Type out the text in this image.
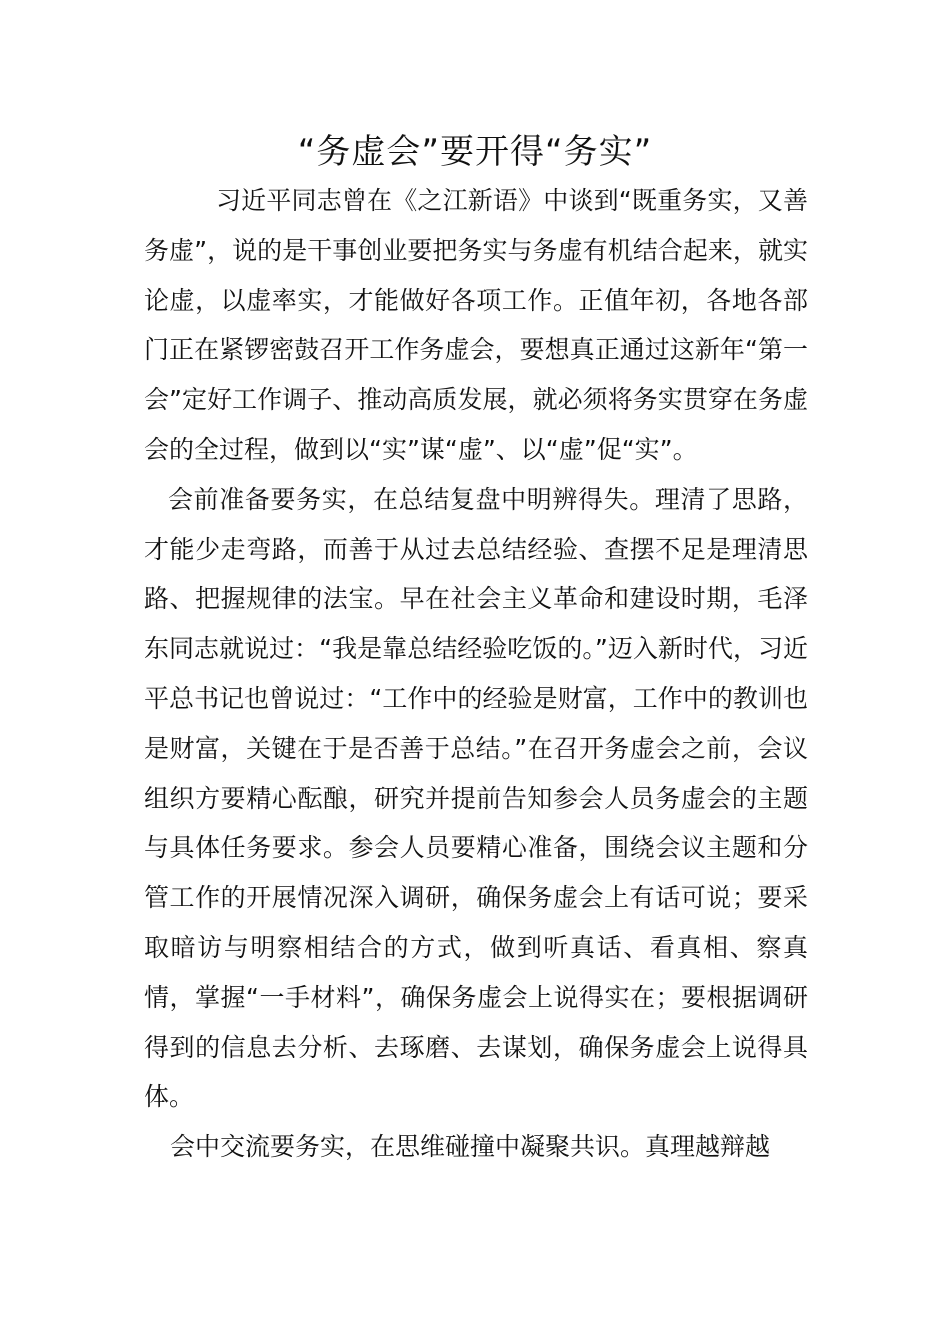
“务虚会”要开得“务实”

习近平同志曾在《之江新语》中谈到“既重务实，又善务虚”，说的是干事创业要把务实与务虚有机结合起来，就实论虚，以虚率实，才能做好各项工作。正值年初，各地各部门正在紧锣密鼓召开工作务虚会，要想真正通过这新年“第一会”定好工作调子、推动高质发展，就必须将务实贯穿在务虚会的全过程，做到以“实”谋“虚”、以“虚”促“实”。

会前准备要务实，在总结复盘中明辨得失。理清了思路，才能少走弯路，而善于从过去总结经验、查摆不足是理清思路、把握规律的法宝。早在社会主义革命和建设时期，毛泽东同志就说过：“我是靠总结经验吃饭的。”迈入新时代，习近平总书记也曾说过：“工作中的经验是财富，工作中的教训也是财富，关键在于是否善于总结。”在召开务虚会之前，会议组织方要精心酝酿，研究并提前告知参会人员务虚会的主题与具体任务要求。参会人员要精心准备，围绕会议主题和分管工作的开展情况深入调研，确保务虚会上有话可说；要采取暗访与明察相结合的方式，做到听真话、看真相、察真情，掌握“一手材料”，确保务虚会上说得实在；要根据调研得到的信息去分析、去琢磨、去谋划，确保务虚会上说得具体。

会中交流要务实，在思维碰撞中凝聚共识。真理越辩越
